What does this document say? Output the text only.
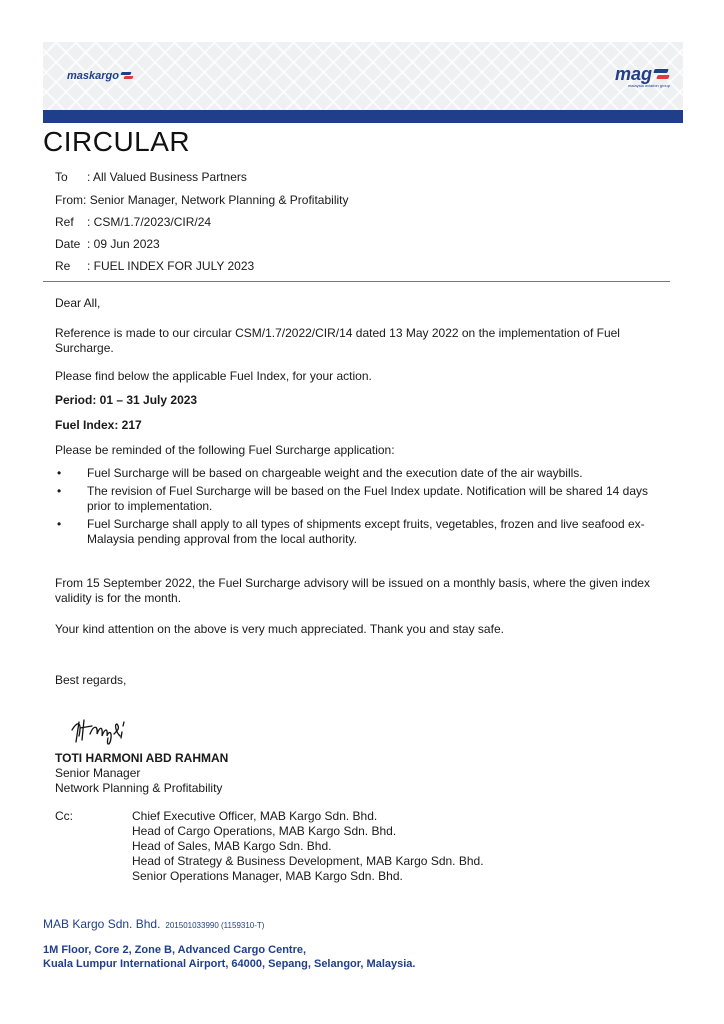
maskargo	mag
malaysia aviation group
CIRCULAR
To : All Valued Business Partners
From: Senior Manager, Network Planning & Profitability
Ref : CSM/1.7/2023/CIR/24
Date : 09 Jun 2023
Re : FUEL INDEX FOR JULY 2023
Dear All,
Reference is made to our circular CSM/1.7/2022/CIR/14 dated 13 May 2022 on the implementation of Fuel Surcharge.
Please find below the applicable Fuel Index, for your action.
Period: 01 – 31 July 2023
Fuel Index: 217
Please be reminded of the following Fuel Surcharge application:
• Fuel Surcharge will be based on chargeable weight and the execution date of the air waybills.
• The revision of Fuel Surcharge will be based on the Fuel Index update. Notification will be shared 14 days prior to implementation.
• Fuel Surcharge shall apply to all types of shipments except fruits, vegetables, frozen and live seafood ex-Malaysia pending approval from the local authority.
From 15 September 2022, the Fuel Surcharge advisory will be issued on a monthly basis, where the given index validity is for the month.
Your kind attention on the above is very much appreciated. Thank you and stay safe.
Best regards,
TOTI HARMONI ABD RAHMAN
Senior Manager
Network Planning & Profitability
Cc:	Chief Executive Officer, MAB Kargo Sdn. Bhd.
Head of Cargo Operations, MAB Kargo Sdn. Bhd.
Head of Sales, MAB Kargo Sdn. Bhd.
Head of Strategy & Business Development, MAB Kargo Sdn. Bhd.
Senior Operations Manager, MAB Kargo Sdn. Bhd.
MAB Kargo Sdn. Bhd. 201501033990 (1159310-T)
1M Floor, Core 2, Zone B, Advanced Cargo Centre,
Kuala Lumpur International Airport, 64000, Sepang, Selangor, Malaysia.
